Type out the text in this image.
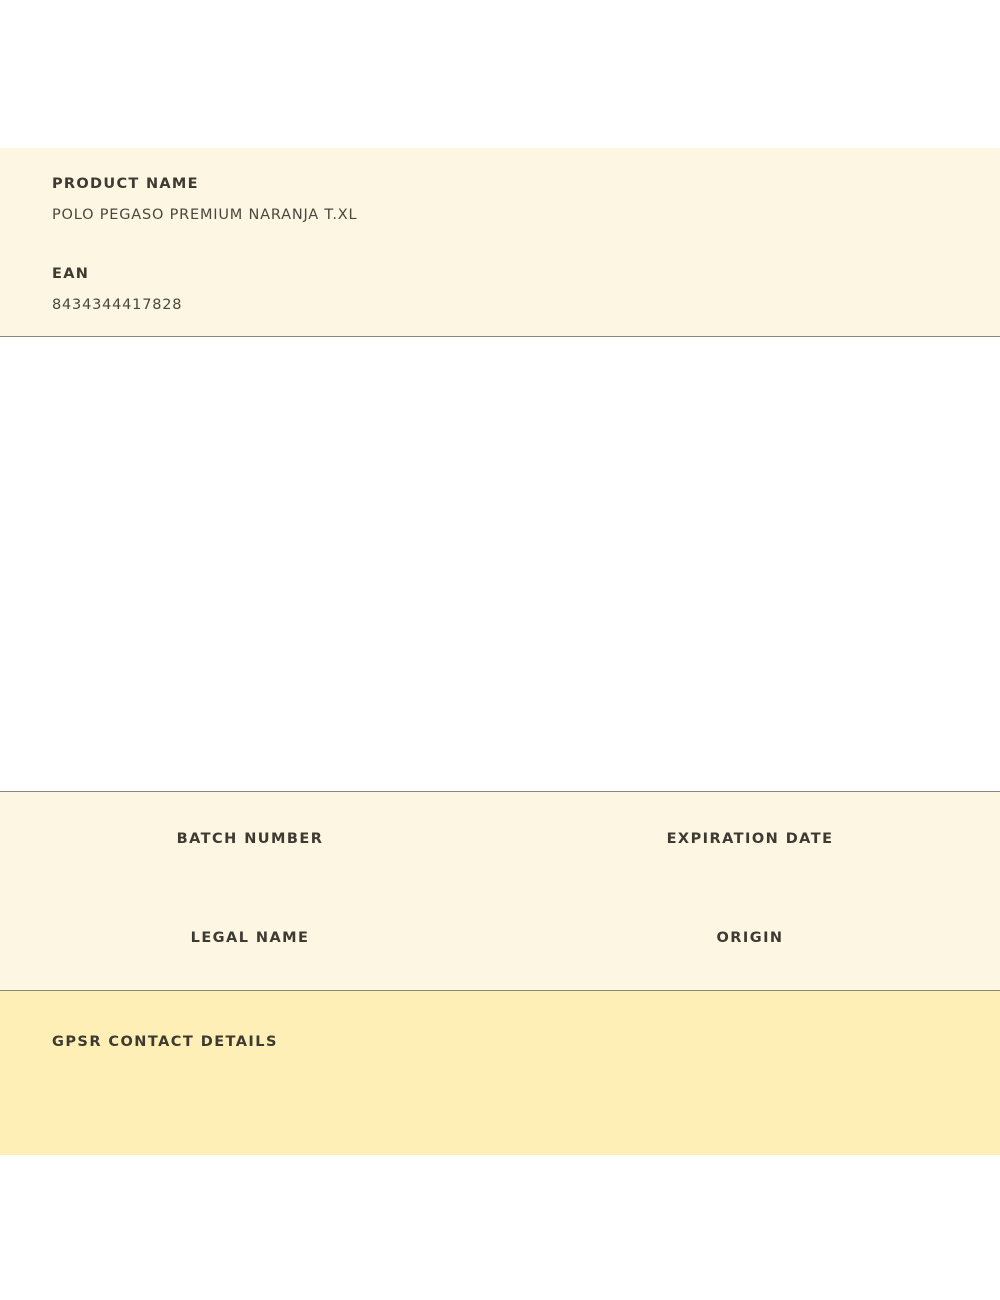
PRODUCT NAME
POLO PEGASO PREMIUM NARANJA T.XL
EAN
8434344417828
BATCH NUMBER	EXPIRATION DATE
LEGAL NAME	ORIGIN
GPSR CONTACT DETAILS
